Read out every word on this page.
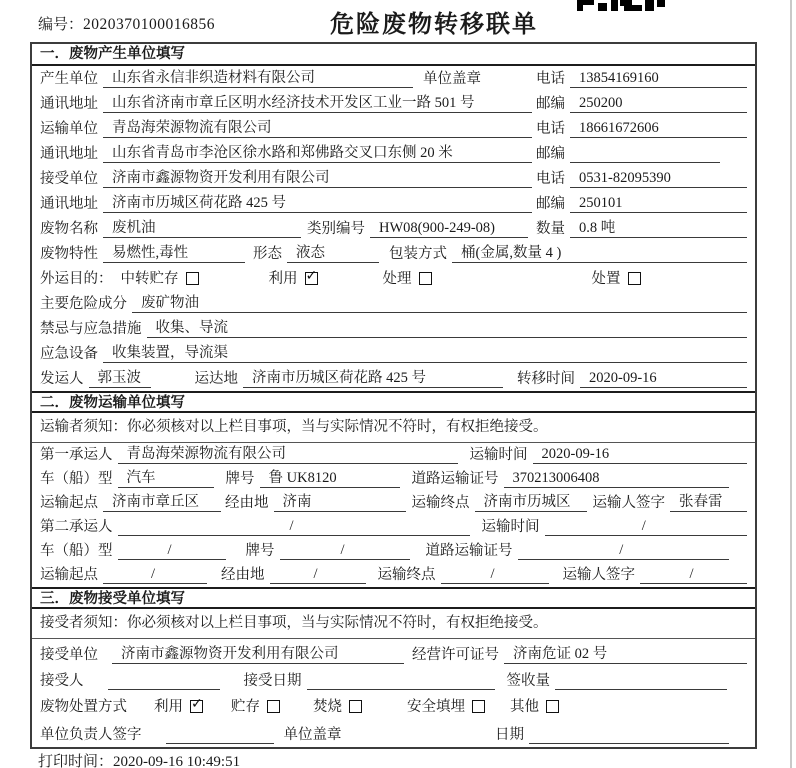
编号：2020370100016856	危险废物转移联单
一．废物产生单位填写
产生单位 山东省永信非织造材料有限公司	单位盖章	电话 13854169160
通讯地址 山东省济南市章丘区明水经济技术开发区工业一路 501 号	邮编 250200
运输单位 青岛海荣源物流有限公司	电话 18661672606
通讯地址 山东省青岛市李沧区徐水路和郑佛路交叉口东侧 20 米	邮编
接受单位 济南市鑫源物资开发利用有限公司	电话 0531-82095390
通讯地址 济南市历城区荷花路 425 号	邮编 250101
废物名称 废机油	类别编号 HW08(900-249-08)	数量 0.8 吨
废物特性 易燃性,毒性	形态 液态	包装方式 桶(金属,数量 4 )
外运目的： 中转贮存	利用 ✓	处理	处置
主要危险成分 废矿物油
禁忌与应急措施 收集、导流
应急设备 收集装置，导流渠
发运人 郭玉波	运达地 济南市历城区荷花路 425 号	转移时间 2020-09-16
二．废物运输单位填写
运输者须知：你必须核对以上栏目事项，当与实际情况不符时，有权拒绝接受。
第一承运人 青岛海荣源物流有限公司	运输时间 2020-09-16
车（船）型 汽车	牌号 鲁 UK8120	道路运输证号 370213006408
运输起点 济南市章丘区	经由地 济南	运输终点 济南市历城区	运输人签字 张春雷
第二承运人	/	运输时间	/
车（船）型	/	牌号	/	道路运输证号	/
运输起点	/	经由地	/	运输终点	/	运输人签字	/
三．废物接受单位填写
接受者须知：你必须核对以上栏目事项，当与实际情况不符时，有权拒绝接受。
接受单位	济南市鑫源物资开发利用有限公司	经营许可证号 济南危证 02 号
接受人	接受日期	签收量
废物处置方式 利用 ✓ 贮存	焚烧	安全填埋	其他
单位负责人签字	单位盖章	日期
打印时间：2020-09-16 10:49:51
